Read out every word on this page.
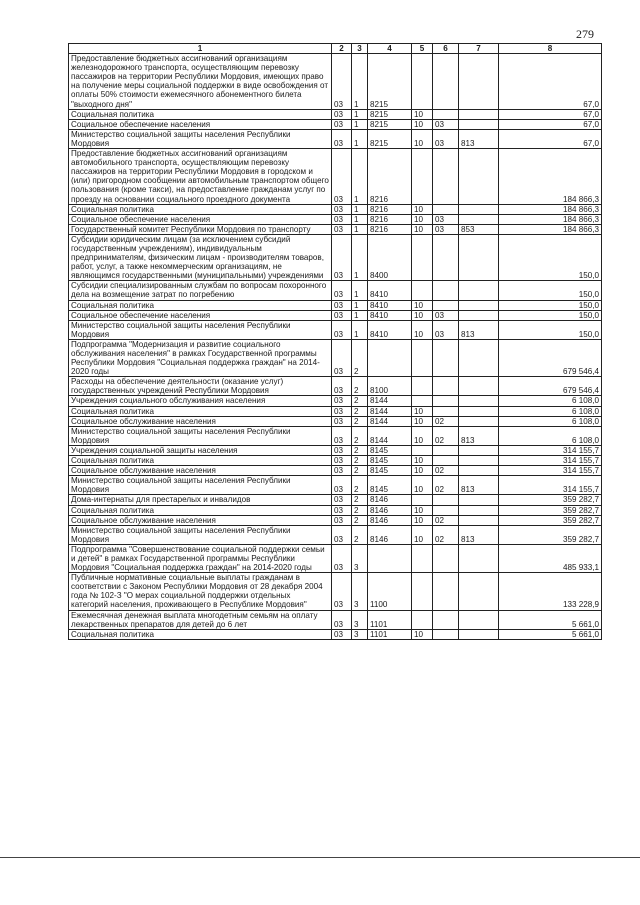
279
1	2	3	4	5	6	7	8
Предоставление бюджетных ассигнований организациям железнодорожного транспорта, осуществляющим перевозку пассажиров на территории Республики Мордовия, имеющих право на получение меры социальной поддержки в виде освобождения от оплаты 50% стоимости ежемесячного абонементного билета "выходного дня"	03	1	8215				67,0
Социальная политика	03	1	8215	10			67,0
Социальное обеспечение населения	03	1	8215	10	03		67,0
Министерство социальной защиты населения Республики Мордовия	03	1	8215	10	03	813	67,0
Предоставление бюджетных ассигнований организациям автомобильного транспорта, осуществляющим перевозку пассажиров на территории Республики Мордовия в городском и (или) пригородном сообщении автомобильным транспортом общего пользования (кроме такси), на предоставление гражданам услуг по проезду на основании социального проездного документа	03	1	8216				184 866,3
Социальная политика	03	1	8216	10			184 866,3
Социальное обеспечение населения	03	1	8216	10	03		184 866,3
Государственный комитет Республики Мордовия по транспорту	03	1	8216	10	03	853	184 866,3
Субсидии юридическим лицам (за исключением субсидий государственным учреждениям), индивидуальным предпринимателям, физическим лицам - производителям товаров, работ, услуг, а также некоммерческим организациям, не являющимся государственными (муниципальными) учреждениями	03	1	8400				150,0
Субсидии специализированным службам по вопросам похоронного дела на возмещение затрат по погребению	03	1	8410				150,0
Социальная политика	03	1	8410	10			150,0
Социальное обеспечение населения	03	1	8410	10	03		150,0
Министерство социальной защиты населения Республики Мордовия	03	1	8410	10	03	813	150,0
Подпрограмма "Модернизация и развитие социального обслуживания населения" в рамках Государственной программы Республики Мордовия "Социальная поддержка граждан" на 2014-2020 годы	03	2					679 546,4
Расходы на обеспечение деятельности (оказание услуг) государственных учреждений Республики Мордовия	03	2	8100				679 546,4
Учреждения социального обслуживания населения	03	2	8144				6 108,0
Социальная политика	03	2	8144	10			6 108,0
Социальное обслуживание населения	03	2	8144	10	02		6 108,0
Министерство социальной защиты населения Республики Мордовия	03	2	8144	10	02	813	6 108,0
Учреждения социальной защиты населения	03	2	8145				314 155,7
Социальная политика	03	2	8145	10			314 155,7
Социальное обслуживание населения	03	2	8145	10	02		314 155,7
Министерство социальной защиты населения Республики Мордовия	03	2	8145	10	02	813	314 155,7
Дома-интернаты для престарелых и инвалидов	03	2	8146				359 282,7
Социальная политика	03	2	8146	10			359 282,7
Социальное обслуживание населения	03	2	8146	10	02		359 282,7
Министерство социальной защиты населения Республики Мордовия	03	2	8146	10	02	813	359 282,7
Подпрограмма "Совершенствование социальной поддержки семьи и детей" в рамках Государственной программы Республики Мордовия "Социальная поддержка граждан" на 2014-2020 годы	03	3					485 933,1
Публичные нормативные социальные выплаты гражданам в соответствии с Законом Республики Мордовия от 28 декабря 2004 года № 102-З "О мерах социальной поддержки отдельных категорий населения, проживающего в Республике Мордовия"	03	3	1100				133 228,9
Ежемесячная денежная выплата многодетным семьям на оплату лекарственных препаратов для детей до 6 лет	03	3	1101				5 661,0
Социальная политика	03	3	1101	10			5 661,0
